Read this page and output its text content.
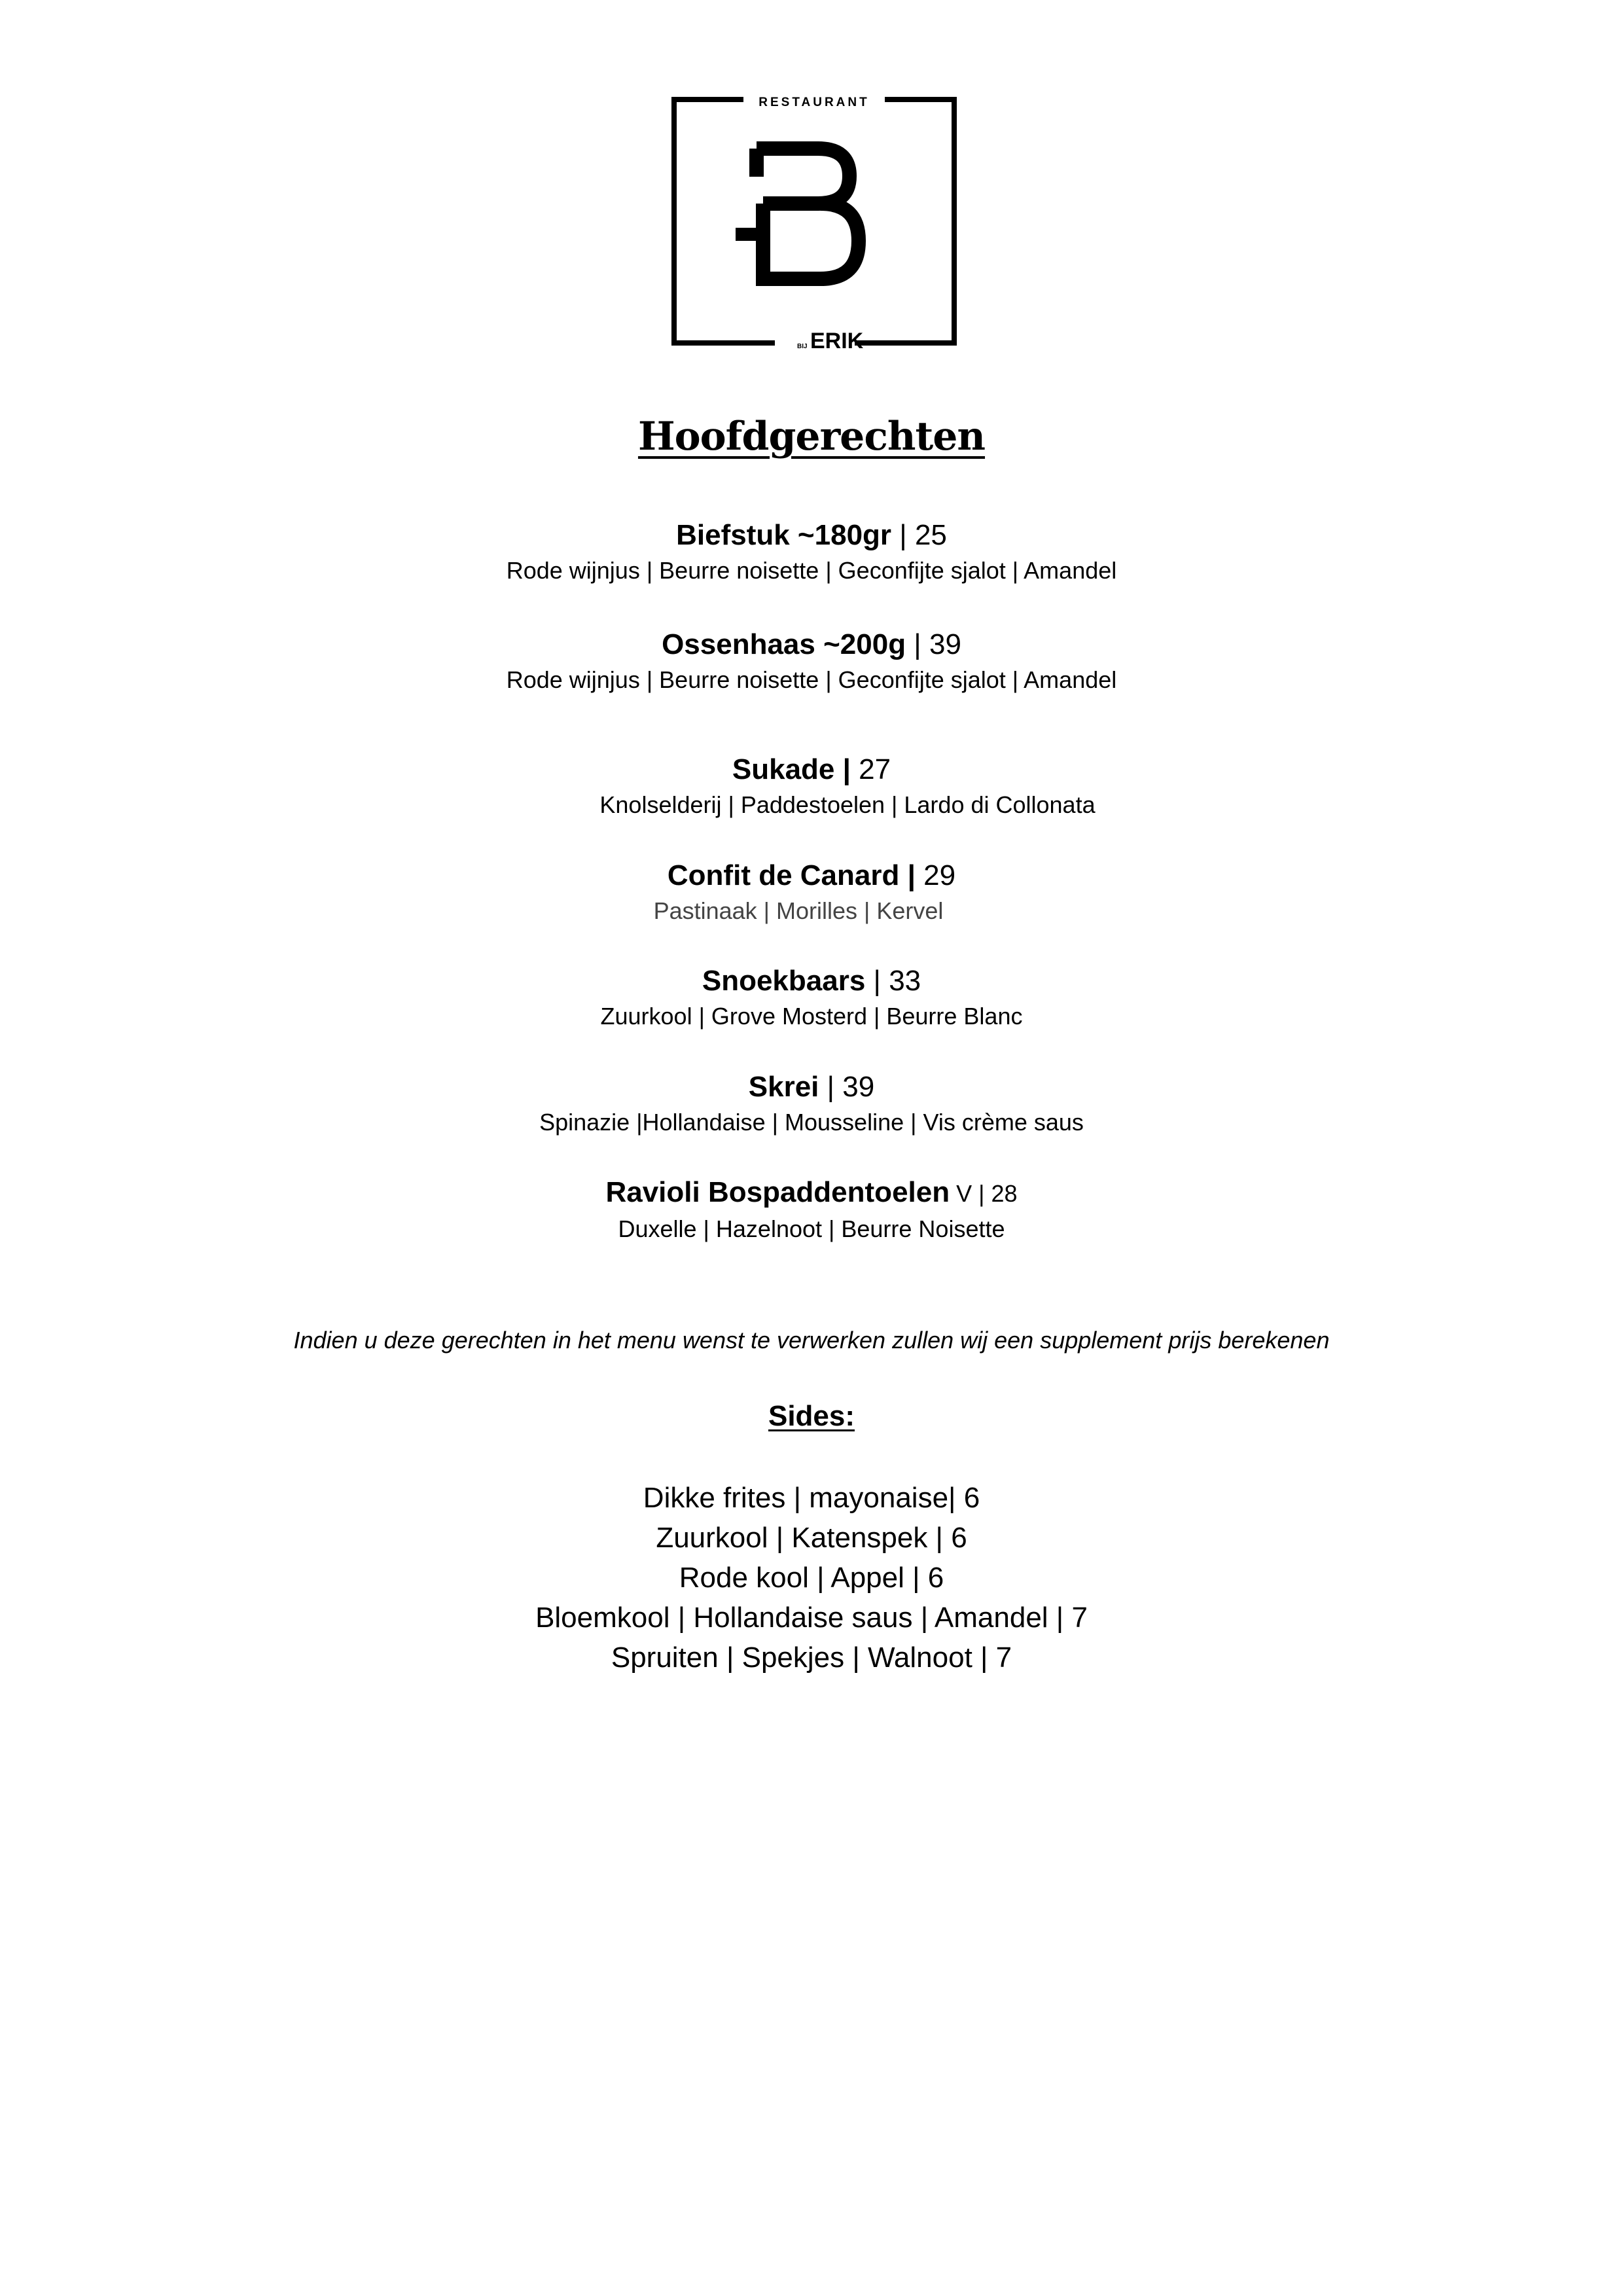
RESTAURANT
BIJ ERIK
Hoofdgerechten
Biefstuk ~180gr | 25
Rode wijnjus | Beurre noisette | Geconfijte sjalot | Amandel
Ossenhaas ~200g | 39
Rode wijnjus | Beurre noisette | Geconfijte sjalot | Amandel
Sukade | 27
Knolselderij | Paddestoelen | Lardo di Collonata
Confit de Canard | 29
Pastinaak | Morilles | Kervel
Snoekbaars | 33
Zuurkool | Grove Mosterd | Beurre Blanc
Skrei | 39
Spinazie |Hollandaise | Mousseline | Vis crème saus
Ravioli Bospaddentoelen V | 28
Duxelle | Hazelnoot | Beurre Noisette
Indien u deze gerechten in het menu wenst te verwerken zullen wij een supplement prijs berekenen
Sides:
Dikke frites | mayonaise| 6
Zuurkool | Katenspek | 6
Rode kool | Appel | 6
Bloemkool | Hollandaise saus | Amandel | 7
Spruiten | Spekjes | Walnoot | 7
